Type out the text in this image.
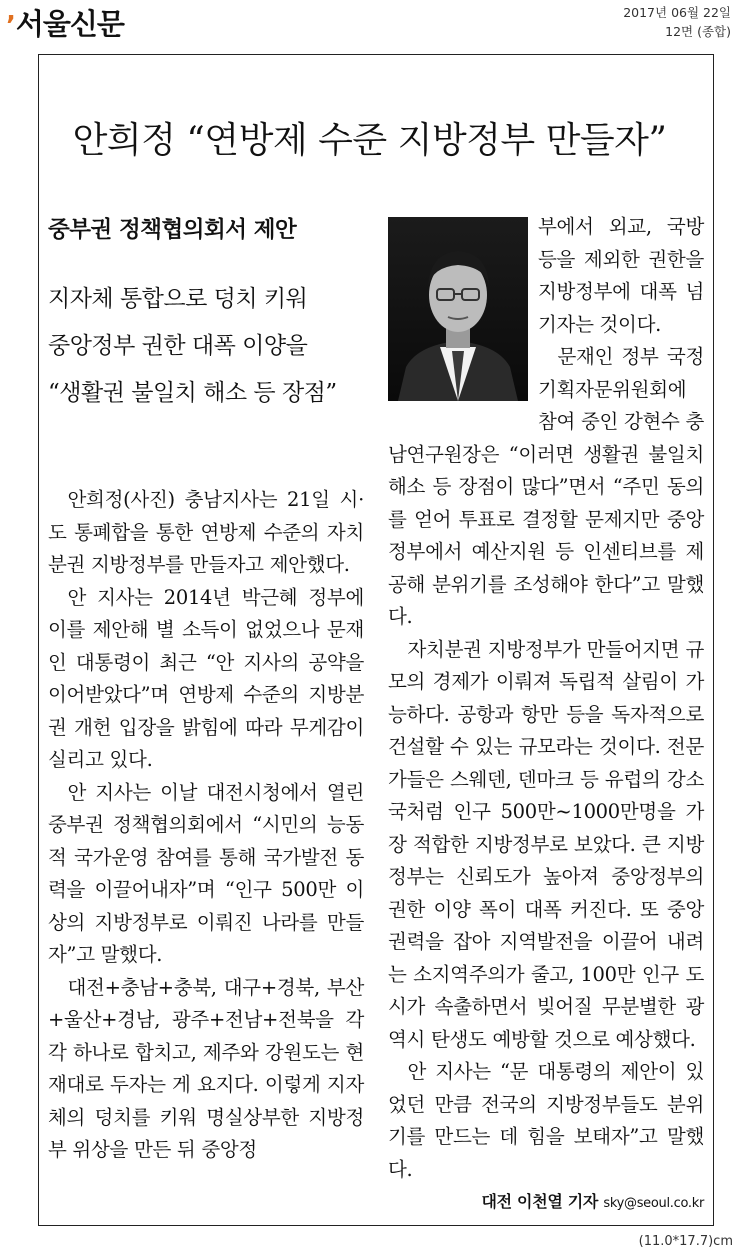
’서울신문	2017년 06월 22일
12면 (종합)
안희정 “연방제 수준 지방정부 만들자”
중부권 정책협의회서 제안
지자체 통합으로 덩치 키워
중앙정부 권한 대폭 이양을
“생활권 불일치 해소 등 장점”

안희정(사진) 충남지사는 21일 시·도 통폐합을 통한 연방제 수준의 자치분권 지방정부를 만들자고 제안했다.

안 지사는 2014년 박근혜 정부에 이를 제안해 별 소득이 없었으나 문재인 대통령이 최근 “안 지사의 공약을 이어받았다”며 연방제 수준의 지방분권 개헌 입장을 밝힘에 따라 무게감이 실리고 있다.

안 지사는 이날 대전시청에서 열린 중부권 정책협의회에서 “시민의 능동적 국가운영 참여를 통해 국가발전 동력을 이끌어내자”며 “인구 500만 이상의 지방정부로 이뤄진 나라를 만들자”고 말했다.

대전+충남+충북, 대구+경북, 부산+울산+경남, 광주+전남+전북을 각각 하나로 합치고, 제주와 강원도는 현재대로 두자는 게 요지다. 이렇게 지자체의 덩치를 키워 명실상부한 지방정부 위상을 만든 뒤 중앙정

부에서 외교, 국방 등을 제외한 권한을 지방정부에 대폭 넘기자는 것이다.

문재인 정부 국정기획자문위원회에 참여 중인 강현수 충남연구원장은 “이러면 생활권 불일치 해소 등 장점이 많다”면서 “주민 동의를 얻어 투표로 결정할 문제지만 중앙정부에서 예산지원 등 인센티브를 제공해 분위기를 조성해야 한다”고 말했다.

자치분권 지방정부가 만들어지면 규모의 경제가 이뤄져 독립적 살림이 가능하다. 공항과 항만 등을 독자적으로 건설할 수 있는 규모라는 것이다. 전문가들은 스웨덴, 덴마크 등 유럽의 강소국처럼 인구 500만~1000만명을 가장 적합한 지방정부로 보았다. 큰 지방정부는 신뢰도가 높아져 중앙정부의 권한 이양 폭이 대폭 커진다. 또 중앙권력을 잡아 지역발전을 이끌어 내려는 소지역주의가 줄고, 100만 인구 도시가 속출하면서 빚어질 무분별한 광역시 탄생도 예방할 것으로 예상했다.

안 지사는 “문 대통령의 제안이 있었던 만큼 전국의 지방정부들도 분위기를 만드는 데 힘을 보태자”고 말했다.

대전 이천열 기자 sky@seoul.co.kr
(11.0*17.7)cm
